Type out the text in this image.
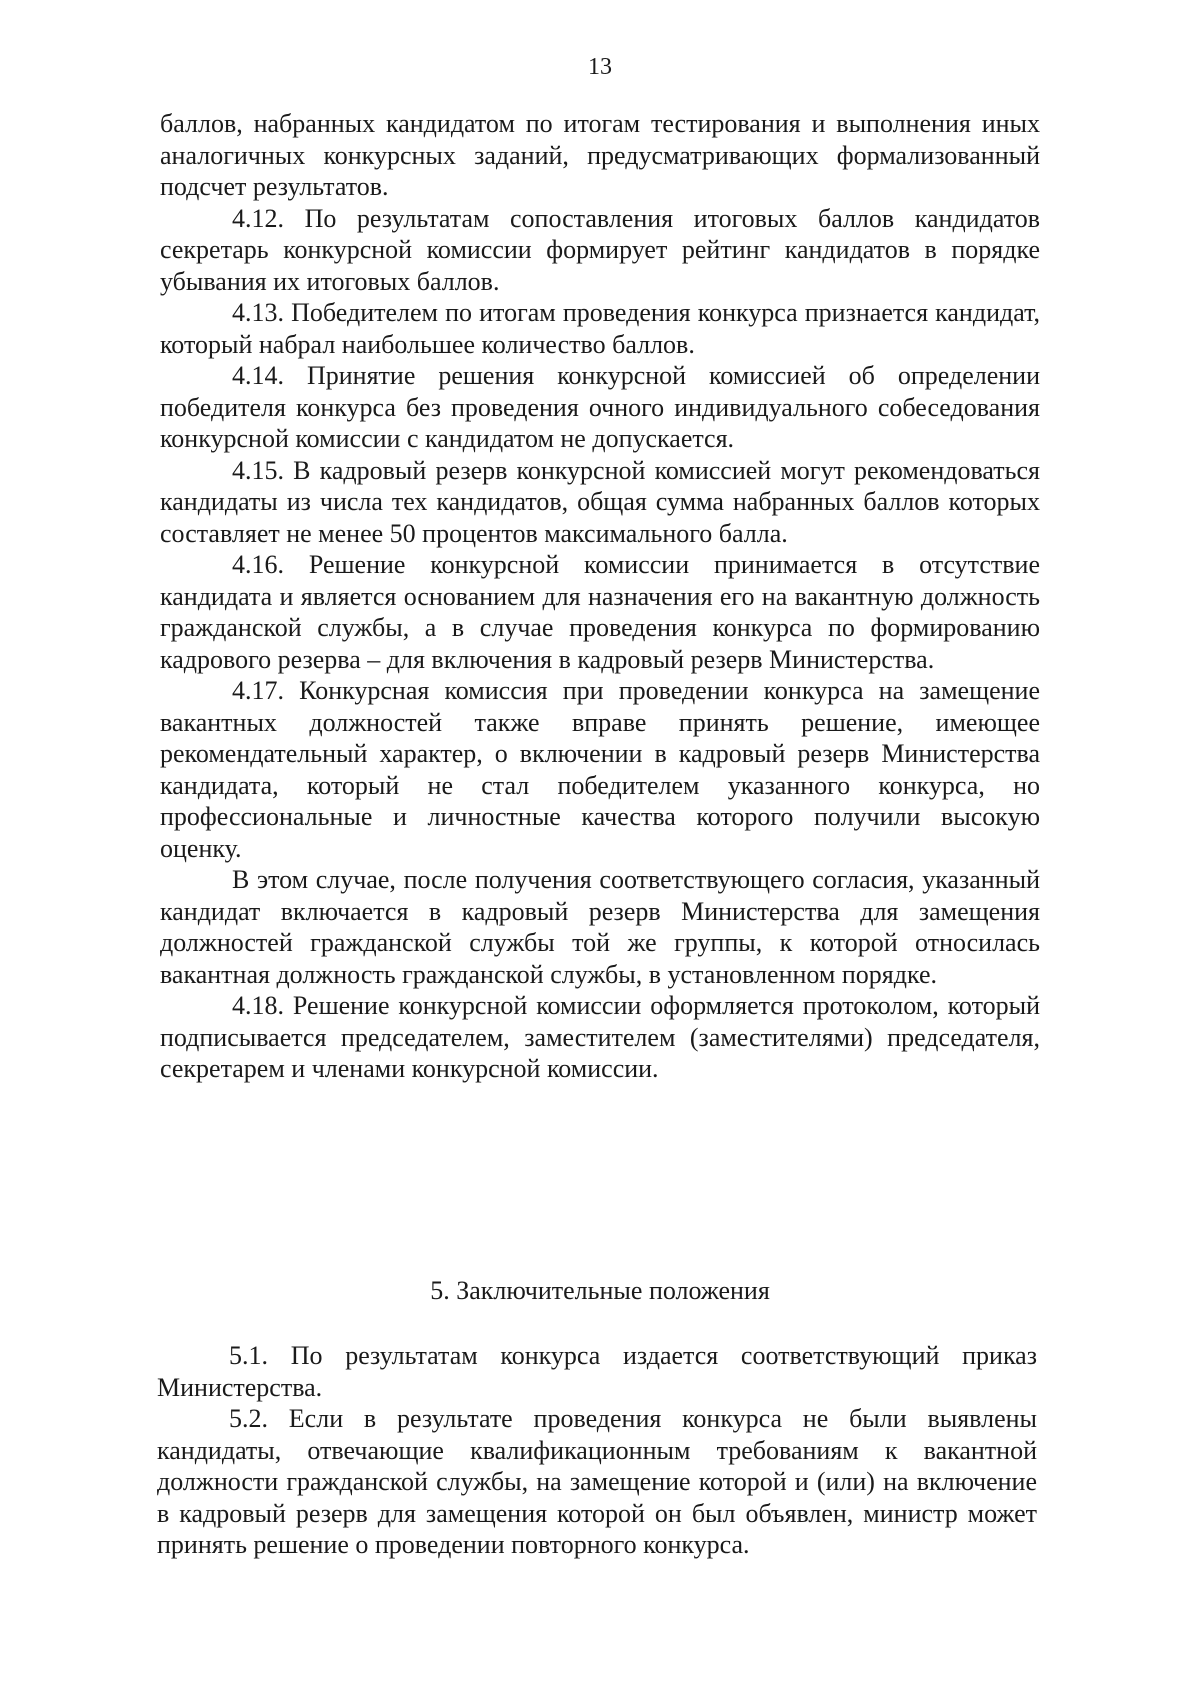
13

баллов, набранных кандидатом по итогам тестирования и выполнения иных аналогичных конкурсных заданий, предусматривающих формализованный подсчет результатов.

4.12. По результатам сопоставления итоговых баллов кандидатов секретарь конкурсной комиссии формирует рейтинг кандидатов в порядке убывания их итоговых баллов.

4.13. Победителем по итогам проведения конкурса признается кандидат, который набрал наибольшее количество баллов.

4.14. Принятие решения конкурсной комиссией об определении победителя конкурса без проведения очного индивидуального собеседования конкурсной комиссии с кандидатом не допускается.

4.15. В кадровый резерв конкурсной комиссией могут рекомендоваться кандидаты из числа тех кандидатов, общая сумма набранных баллов которых составляет не менее 50 процентов максимального балла.

4.16. Решение конкурсной комиссии принимается в отсутствие кандидата и является основанием для назначения его на вакантную должность гражданской службы, а в случае проведения конкурса по формированию кадрового резерва – для включения в кадровый резерв Министерства.

4.17. Конкурсная комиссия при проведении конкурса на замещение вакантных должностей также вправе принять решение, имеющее рекомендательный характер, о включении в кадровый резерв Министерства кандидата, который не стал победителем указанного конкурса, но профессиональные и личностные качества которого получили высокую оценку.

В этом случае, после получения соответствующего согласия, указанный кандидат включается в кадровый резерв Министерства для замещения должностей гражданской службы той же группы, к которой относилась вакантная должность гражданской службы, в установленном порядке.

4.18. Решение конкурсной комиссии оформляется протоколом, который подписывается председателем, заместителем (заместителями) председателя, секретарем и членами конкурсной комиссии.

5. Заключительные положения

5.1. По результатам конкурса издается соответствующий приказ Министерства.

5.2. Если в результате проведения конкурса не были выявлены кандидаты, отвечающие квалификационным требованиям к вакантной должности гражданской службы, на замещение которой и (или) на включение в кадровый резерв для замещения которой он был объявлен, министр может принять решение о проведении повторного конкурса.
